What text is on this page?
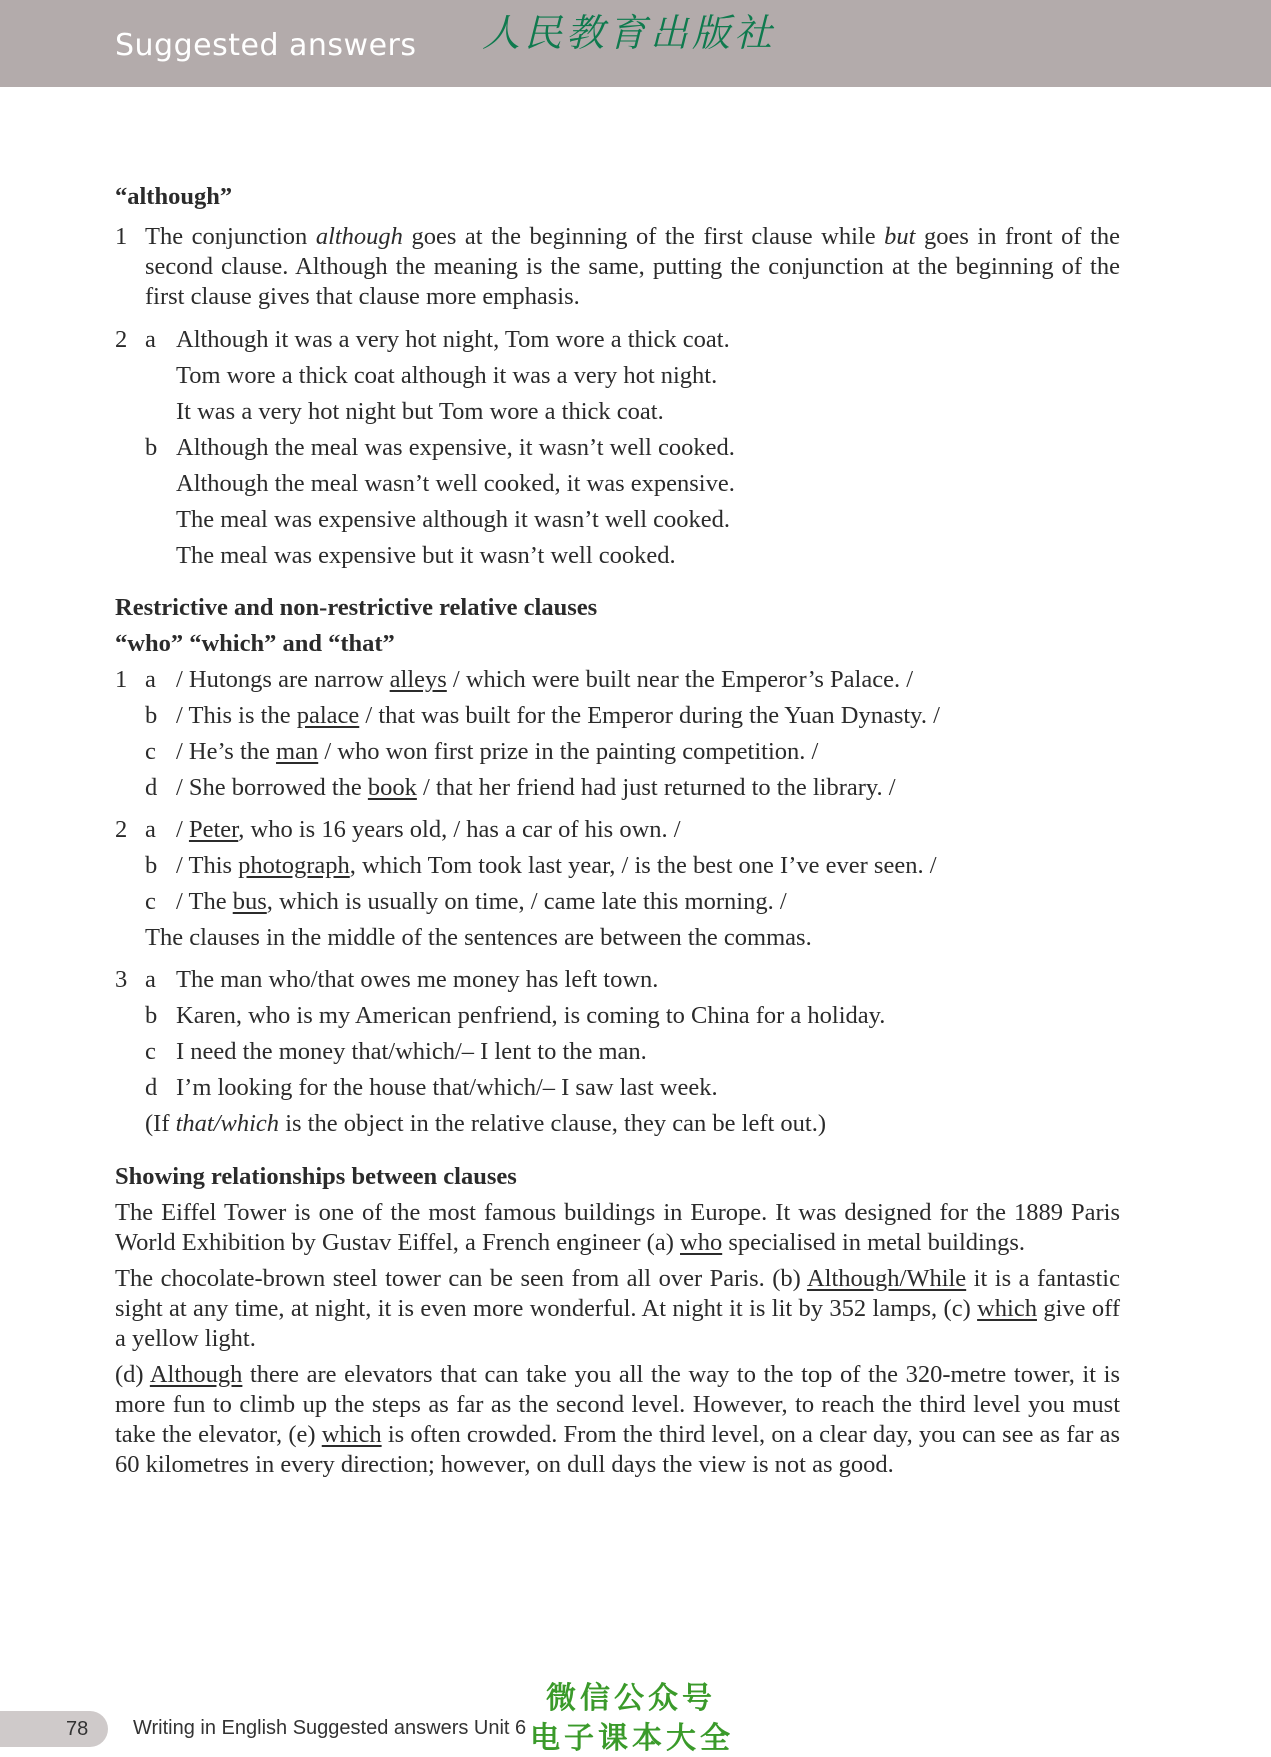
Suggested answers 人民教育出版社
“although”
1 The conjunction although goes at the beginning of the first clause while but goes in front of the second clause. Although the meaning is the same, putting the conjunction at the beginning of the first clause gives that clause more emphasis.
2 a Although it was a very hot night, Tom wore a thick coat.
Tom wore a thick coat although it was a very hot night.
It was a very hot night but Tom wore a thick coat.
b Although the meal was expensive, it wasn’t well cooked.
Although the meal wasn’t well cooked, it was expensive.
The meal was expensive although it wasn’t well cooked.
The meal was expensive but it wasn’t well cooked.
Restrictive and non-restrictive relative clauses
“who” “which” and “that”
1 a / Hutongs are narrow alleys / which were built near the Emperor’s Palace. /
b / This is the palace / that was built for the Emperor during the Yuan Dynasty. /
c / He’s the man / who won first prize in the painting competition. /
d / She borrowed the book / that her friend had just returned to the library. /
2 a / Peter, who is 16 years old, / has a car of his own. /
b / This photograph, which Tom took last year, / is the best one I’ve ever seen. /
c / The bus, which is usually on time, / came late this morning. /
The clauses in the middle of the sentences are between the commas.
3 a The man who/that owes me money has left town.
b Karen, who is my American penfriend, is coming to China for a holiday.
c I need the money that/which/– I lent to the man.
d I’m looking for the house that/which/– I saw last week.
(If that/which is the object in the relative clause, they can be left out.)
Showing relationships between clauses
The Eiffel Tower is one of the most famous buildings in Europe. It was designed for the 1889 Paris World Exhibition by Gustav Eiffel, a French engineer (a) who specialised in metal buildings.
The chocolate-brown steel tower can be seen from all over Paris. (b) Although/While it is a fantastic sight at any time, at night, it is even more wonderful. At night it is lit by 352 lamps, (c) which give off a yellow light.
(d) Although there are elevators that can take you all the way to the top of the 320-metre tower, it is more fun to climb up the steps as far as the second level. However, to reach the third level you must take the elevator, (e) which is often crowded. From the third level, on a clear day, you can see as far as 60 kilometres in every direction; however, on dull days the view is not as good.
78 Writing in English Suggested answers Unit 6
微信公众号
电子课本大全
